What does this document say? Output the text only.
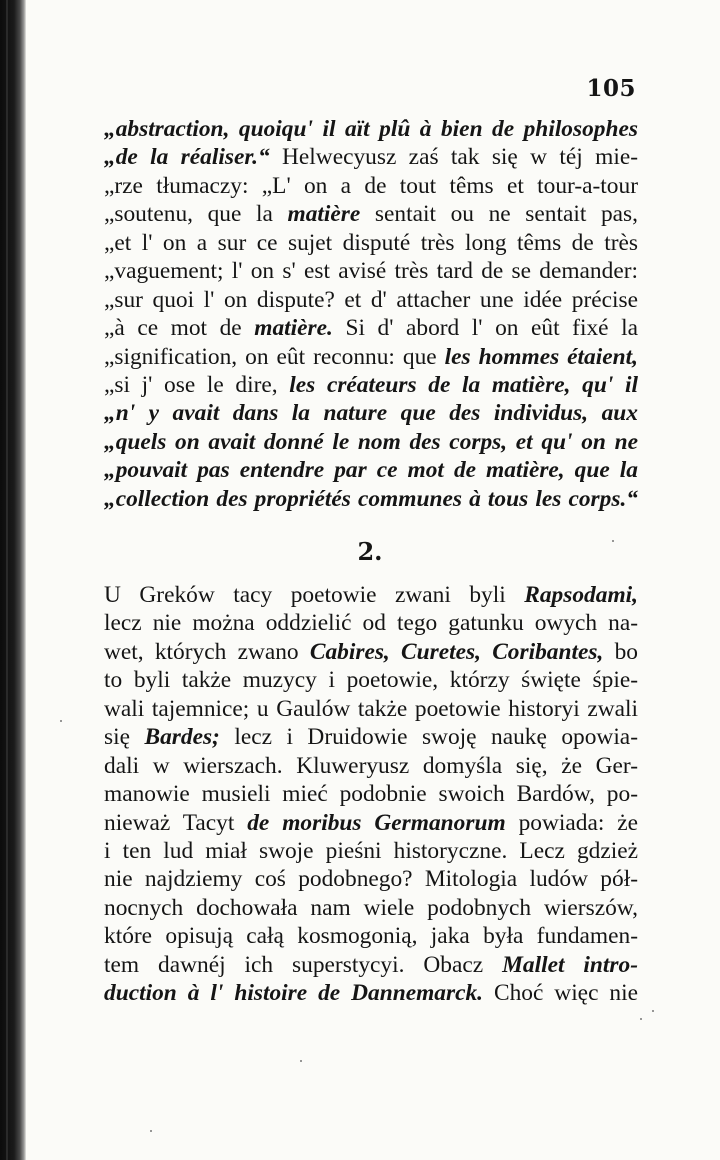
105
„abstraction, quoiqu' il aït plû à bien de philosophes
„de la réaliser.“ Helwecyusz zaś tak się w téj mie-
„rze tłumaczy: „L' on a de tout têms et tour-a-tour
„soutenu, que la matière sentait ou ne sentait pas,
„et l' on a sur ce sujet disputé très long têms de très
„vaguement; l' on s' est avisé très tard de se demander:
„sur quoi l' on dispute? et d' attacher une idée précise
„à ce mot de matière. Si d' abord l' on eût fixé la
„signification, on eût reconnu: que les hommes étaient,
„si j' ose le dire, les créateurs de la matière, qu' il
„n' y avait dans la nature que des individus, aux
„quels on avait donné le nom des corps, et qu' on ne
„pouvait pas entendre par ce mot de matière, que la
„collection des propriétés communes à tous les corps.“
2.
U Greków tacy poetowie zwani byli Rapsodami,
lecz nie można oddzielić od tego gatunku owych na-
wet, których zwano Cabires, Curetes, Coribantes, bo
to byli także muzycy i poetowie, którzy święte śpie-
wali tajemnice; u Gaulów także poetowie historyi zwali
się Bardes; lecz i Druidowie swoję naukę opowia-
dali w wierszach. Kluweryusz domyśla się, że Ger-
manowie musieli mieć podobnie swoich Bardów, po-
nieważ Tacyt de moribus Germanorum powiada: że
i ten lud miał swoje pieśni historyczne. Lecz gdzież
nie najdziemy coś podobnego? Mitologia ludów pół-
nocnych dochowała nam wiele podobnych wierszów,
które opisują całą kosmogonią, jaka była fundamen-
tem dawnéj ich superstycyi. Obacz Mallet intro-
duction à l' histoire de Dannemarck. Choć więc nie
